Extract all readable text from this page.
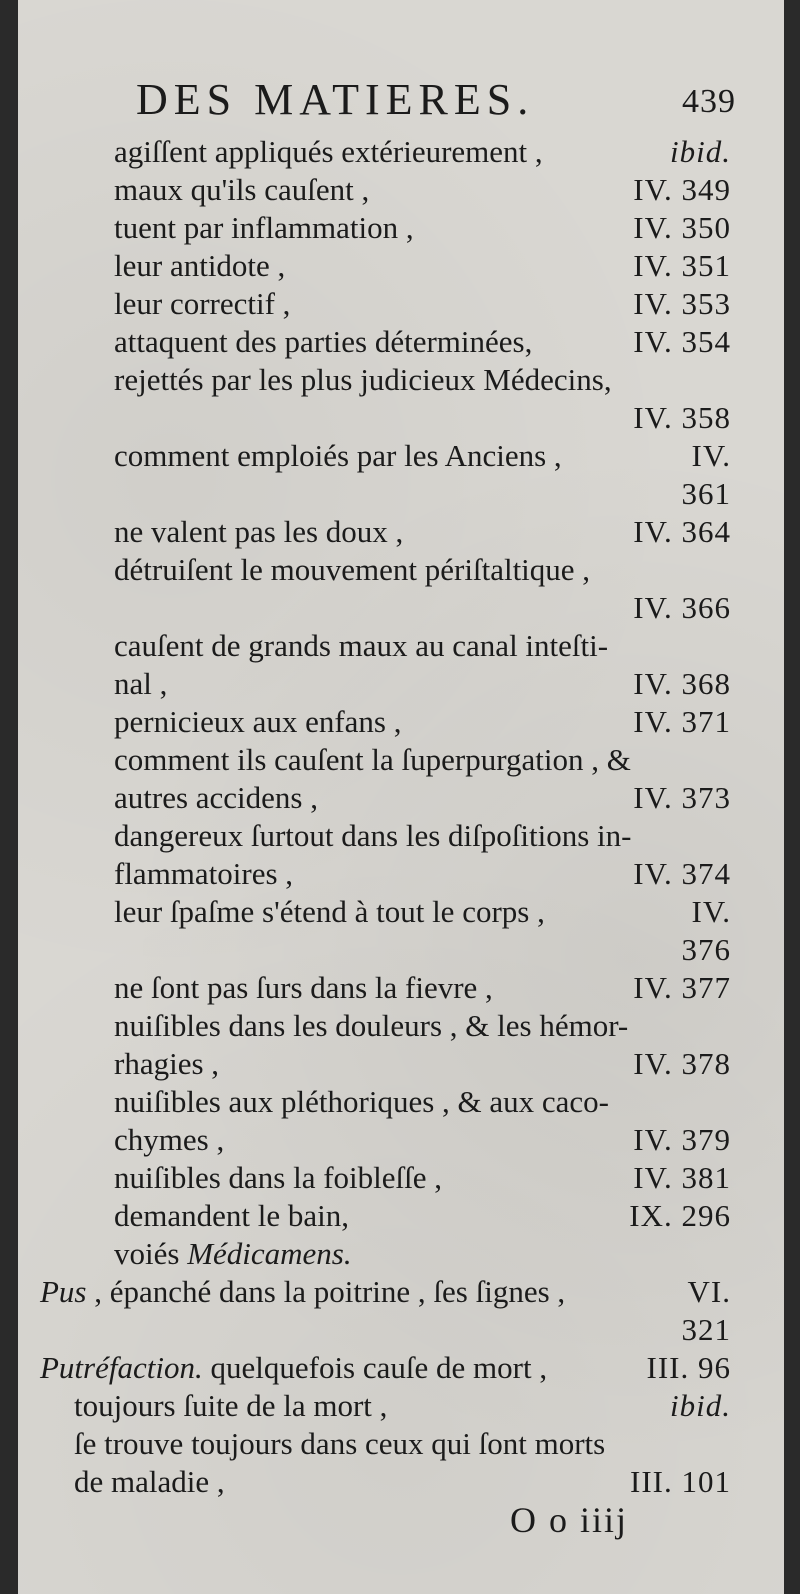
DES MATIERES.	439
agiſſent appliqués extérieurement ,	ibid.
maux qu'ils cauſent ,	IV. 349
tuent par inflammation ,	IV. 350
leur antidote ,	IV. 351
leur correctif ,	IV. 353
attaquent des parties déterminées,	IV. 354
rejettés par les plus judicieux Médecins,
IV. 358
comment emploiés par les Anciens ,	IV.
361
ne valent pas les doux ,	IV. 364
détruiſent le mouvement périſtaltique ,
IV. 366
cauſent de grands maux au canal inteſti-
nal ,	IV. 368
pernicieux aux enfans ,	IV. 371
comment ils cauſent la ſuperpurgation , &
autres accidens ,	IV. 373
dangereux ſurtout dans les diſpoſitions in-
flammatoires ,	IV. 374
leur ſpaſme s'étend à tout le corps ,	IV.
376
ne ſont pas ſurs dans la fievre ,	IV. 377
nuiſibles dans les douleurs , & les hémor-
rhagies ,	IV. 378
nuiſibles aux pléthoriques , & aux caco-
chymes ,	IV. 379
nuiſibles dans la foibleſſe ,	IV. 381
demandent le bain,	IX. 296
voiés Médicamens.
Pus , épanché dans la poitrine , ſes ſignes ,	VI.
321
Putréfaction. quelquefois cauſe de mort ,	III. 96
toujours ſuite de la mort ,	ibid.
ſe trouve toujours dans ceux qui ſont morts
de maladie ,	III. 101
O o iiij
